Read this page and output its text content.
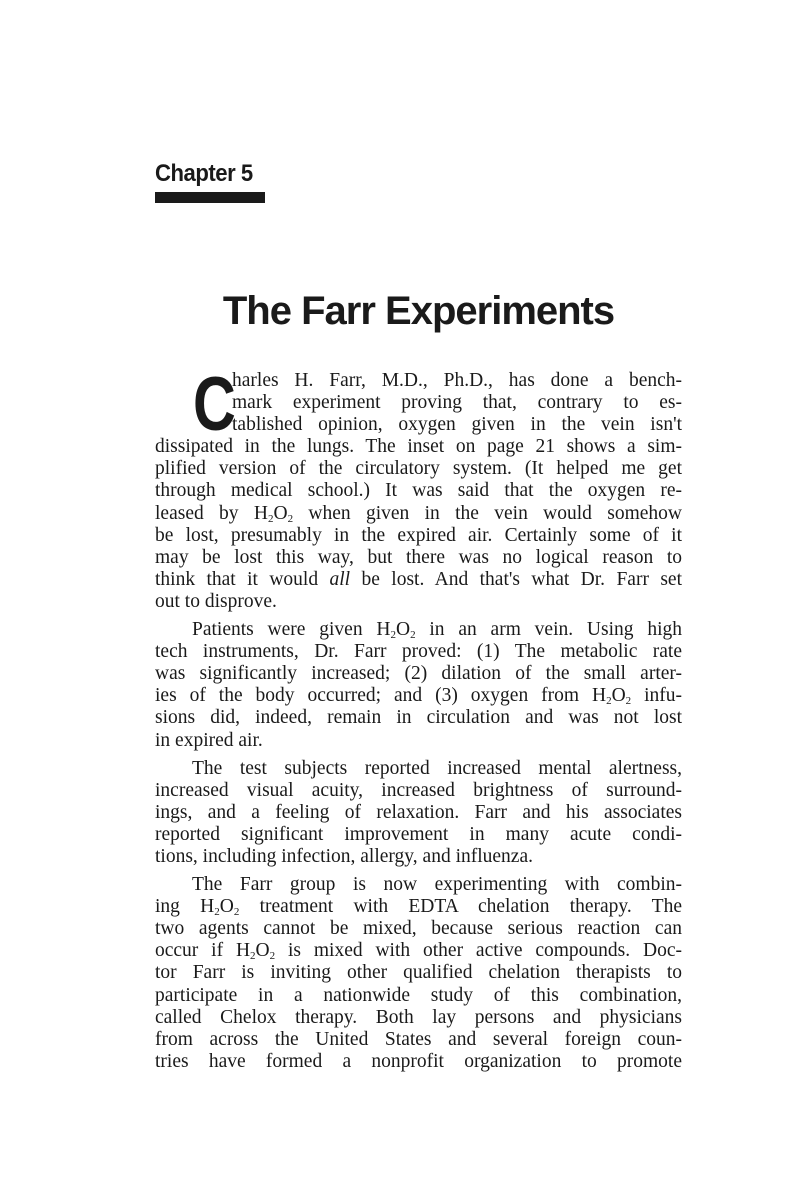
Chapter 5
The Farr Experiments
C
harles H. Farr, M.D., Ph.D., has done a bench-
mark experiment proving that, contrary to es-
tablished opinion, oxygen given in the vein isn't
dissipated in the lungs. The inset on page 21 shows a sim-
plified version of the circulatory system. (It helped me get
through medical school.) It was said that the oxygen re-
leased by $H_2O_2$ when given in the vein would somehow
be lost, presumably in the expired air. Certainly some of it
may be lost this way, but there was no logical reason to
think that it would all be lost. And that's what Dr. Farr set
out to disprove.
Patients were given $H_2O_2$ in an arm vein. Using high
tech instruments, Dr. Farr proved: (1) The metabolic rate
was significantly increased; (2) dilation of the small arter-
ies of the body occurred; and (3) oxygen from $H_2O_2$ infu-
sions did, indeed, remain in circulation and was not lost
in expired air.
The test subjects reported increased mental alertness,
increased visual acuity, increased brightness of surround-
ings, and a feeling of relaxation. Farr and his associates
reported significant improvement in many acute condi-
tions, including infection, allergy, and influenza.
The Farr group is now experimenting with combin-
ing $H_2O_2$ treatment with EDTA chelation therapy. The
two agents cannot be mixed, because serious reaction can
occur if $H_2O_2$ is mixed with other active compounds. Doc-
tor Farr is inviting other qualified chelation therapists to
participate in a nationwide study of this combination,
called Chelox therapy. Both lay persons and physicians
from across the United States and several foreign coun-
tries have formed a nonprofit organization to promote
